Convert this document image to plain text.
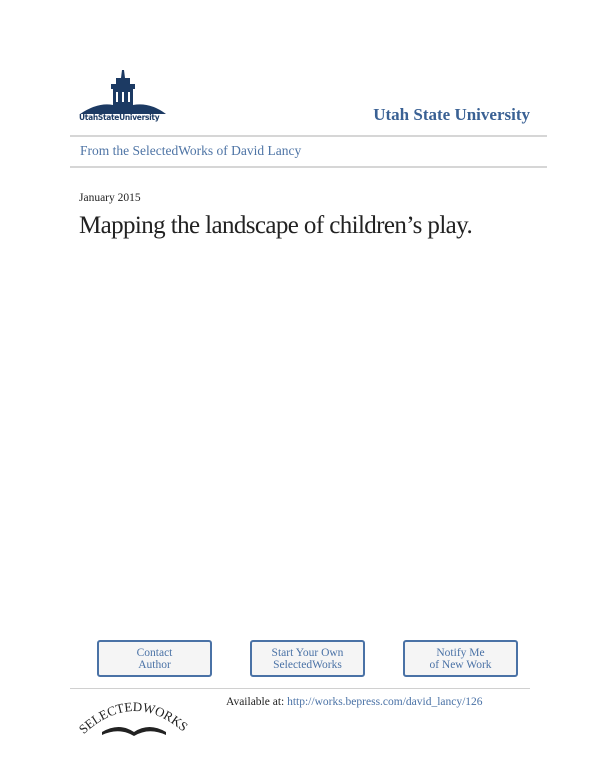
UtahStateUniversity	Utah State University
From the SelectedWorks of David Lancy
January 2015
Mapping the landscape of children’s play.
Contact
Author
Start Your Own
SelectedWorks
Notify Me
of New Work
SELECTEDWORKS
Available at: http://works.bepress.com/david_lancy/126
